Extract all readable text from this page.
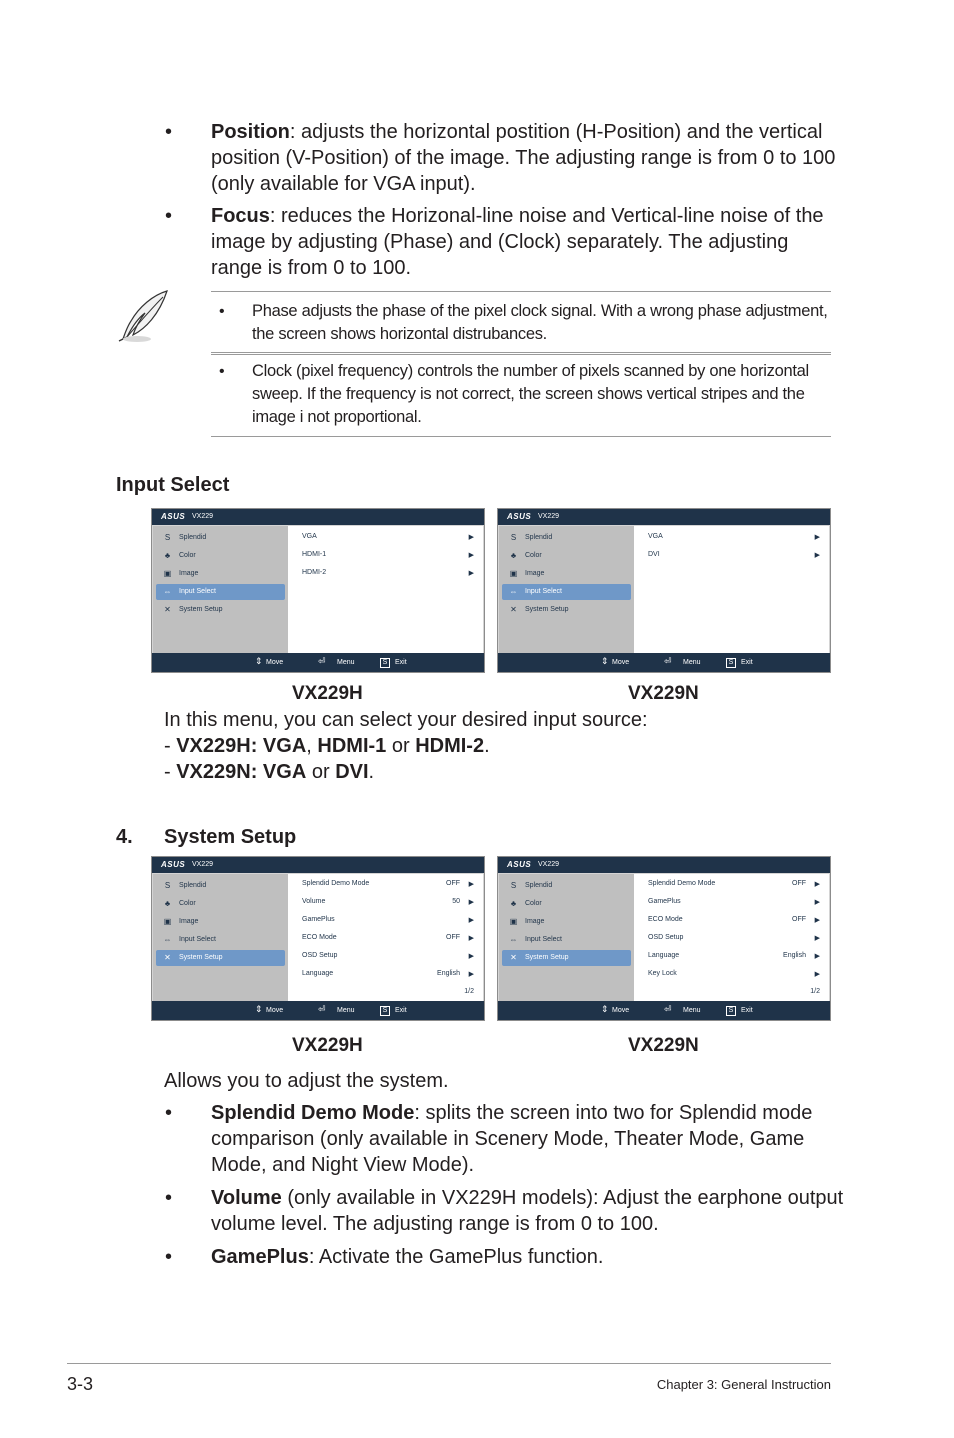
•	Position: adjusts the horizontal postition (H-Position) and the vertical position (V-Position) of the image. The adjusting range is from 0 to 100 (only available for VGA input).
•	Focus: reduces the Horizonal-line noise and Vertical-line noise of the image by adjusting (Phase) and (Clock) separately. The adjusting range is from 0 to 100.
• Phase adjusts the phase of the pixel clock signal. With a wrong phase adjustment, the screen shows horizontal distrubances.
• Clock (pixel frequency) controls the number of pixels scanned by one horizontal sweep. If the frequency is not correct, the screen shows vertical stripes and the image i not proportional.
Input Select
ASUS VX229
S	Splendid
♣	Color
▣ Image
⇔ Input Select
✕	System Setup
VGA	▶
HDMI-1	▶
HDMI-2	▶
⇕ Move	⏎ Menu	S	Exit
ASUS VX229
S	Splendid
♣	Color
▣ Image
⇔ Input Select
✕	System Setup
VGA	▶
DVI	▶
⇕ Move	⏎ Menu	S	Exit
VX229H	VX229N
In this menu, you can select your desired input source:
- VX229H: VGA, HDMI-1 or HDMI-2.
- VX229N: VGA or DVI.
4. System Setup
ASUS VX229
S	Splendid
♣	Color
▣ Image
⇔ Input Select
✕	System Setup
Splendid Demo Mode	OFF ▶
Volume	50 ▶
GamePlus	▶
ECO Mode	OFF ▶
OSD Setup	▶
Language	English ▶
1/2
⇕ Move	⏎ Menu	S	Exit
ASUS VX229
S	Splendid
♣	Color
▣ Image
⇔ Input Select
✕	System Setup
Splendid Demo Mode	OFF ▶
GamePlus	▶
ECO Mode	OFF ▶
OSD Setup	▶
Language	English ▶
Key Lock	▶
1/2
⇕ Move	⏎ Menu	S	Exit
VX229H	VX229N
Allows you to adjust the system.
•	Splendid Demo Mode: splits the screen into two for Splendid mode comparison (only available in Scenery Mode, Theater Mode, Game Mode, and Night View Mode).
•	Volume (only available in VX229H models): Adjust the earphone output volume level. The adjusting range is from 0 to 100.
•	GamePlus: Activate the GamePlus function.
3-3	Chapter 3: General Instruction
